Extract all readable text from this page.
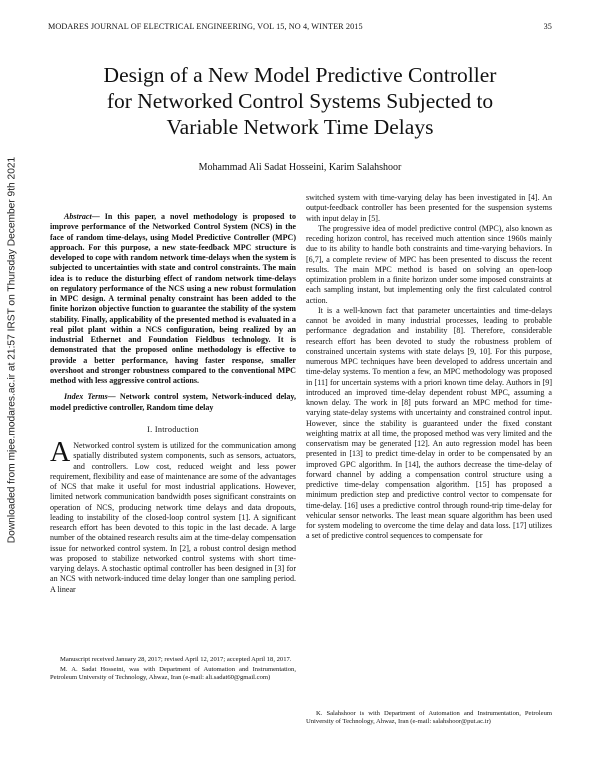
MODARES JOURNAL OF ELECTRICAL ENGINEERING, VOL 15, NO 4, WINTER 2015	35
Downloaded from mjee.modares.ac.ir at 21:57 IRST on Thursday December 9th 2021
Design of a New Model Predictive Controller
for Networked Control Systems Subjected to
Variable Network Time Delays
Mohammad Ali Sadat Hosseini, Karim Salahshoor
Abstract— In this paper, a novel methodology is proposed to improve performance of the Networked Control System (NCS) in the face of random time-delays, using Model Predictive Controller (MPC) approach. For this purpose, a new state-feedback MPC structure is developed to cope with random network time-delays when the system is subjected to uncertainties with state and control constraints. The main idea is to reduce the disturbing effect of random network time-delays on regulatory performance of the NCS using a new robust formulation in MPC design. A terminal penalty constraint has been added to the finite horizon objective function to guarantee the stability of the system stability. Finally, applicability of the presented method is evaluated in a real pilot plant within a NCS configuration, being realized by an industrial Ethernet and Foundation Fieldbus technology. It is demonstrated that the proposed online methodology is effective to provide a better performance, having faster response, smaller overshoot and stronger robustness compared to the conventional MPC method with less aggressive control actions.
Index Terms— Network control system, Network-induced delay, model predictive controller, Random time delay
I. Introduction

A Networked control system is utilized for the communication among spatially distributed system components, such as sensors, actuators, and controllers. Low cost, reduced weight and less power requirement, flexibility and ease of maintenance are some of the advantages of NCS that make it useful for most industrial applications. However, limited network communication bandwidth poses significant constraints on operation of NCS, producing network time delays and data dropouts, leading to instability of the closed-loop control system [1]. A significant research effort has been devoted to this topic in the last decade. A large number of the obtained research results aim at the time-delay compensation issue for networked control system. In [2], a robust control design method was proposed to stabilize networked control systems with short time-varying delays. A stochastic optimal controller has been designed in [3] for an NCS with network-induced time delay longer than one sampling period. A linear

switched system with time-varying delay has been investigated in [4]. An output-feedback controller has been presented for the suspension systems with input delay in [5].

The progressive idea of model predictive control (MPC), also known as receding horizon control, has received much attention since 1960s mainly due to its ability to handle both constraints and time-varying behaviors. In [6,7], a complete review of MPC has been presented to discuss the recent results. The main MPC method is based on solving an open-loop optimization problem in a finite horizon under some imposed constraints at each sampling instant, but implementing only the first calculated control action.

It is a well-known fact that parameter uncertainties and time-delays cannot be avoided in many industrial processes, leading to probable performance degradation and instability [8]. Therefore, considerable research effort has been devoted to study the robustness problem of constrained uncertain systems with state delays [9, 10]. For this purpose, numerous MPC techniques have been developed to address uncertain and time-delay systems. To mention a few, an MPC methodology was proposed in [11] for uncertain systems with a priori known time delay. Authors in [9] introduced an improved time-delay dependent robust MPC, assuming a known delay. The work in [8] puts forward an MPC method for time-varying state-delay systems with uncertainty and constrained control input. However, since the stability is guaranteed under the fixed constant weighting matrix at all time, the proposed method was very limited and the conservatism may be generated [12]. An auto regression model has been presented in [13] to predict time-delay in order to be compensated by an improved GPC algorithm. In [14], the authors decrease the time-delay of forward channel by adding a compensation control structure using a predictive time-delay compensation algorithm. [15] has proposed a minimum prediction step and predictive control vector to compensate for time-delay. [16] uses a predictive control through round-trip time-delay for vehicular sensor networks. The least mean square algorithm has been used for system modeling to overcome the time delay and data loss. [17] utilizes a set of predictive control sequences to compensate for

Manuscript received January 28, 2017; revised April 12, 2017; accepted April 18, 2017.

M. A. Sadat Hosseini, was with Department of Automation and Instrumentation, Petroleum University of Technology, Ahwaz, Iran (e-mail: ali.sadat60@gmail.com)

K. Salahshoor is with Department of Automation and Instrumentation, Petroleum University of Technology, Ahwaz, Iran (e-mail: salahshoor@put.ac.ir)
